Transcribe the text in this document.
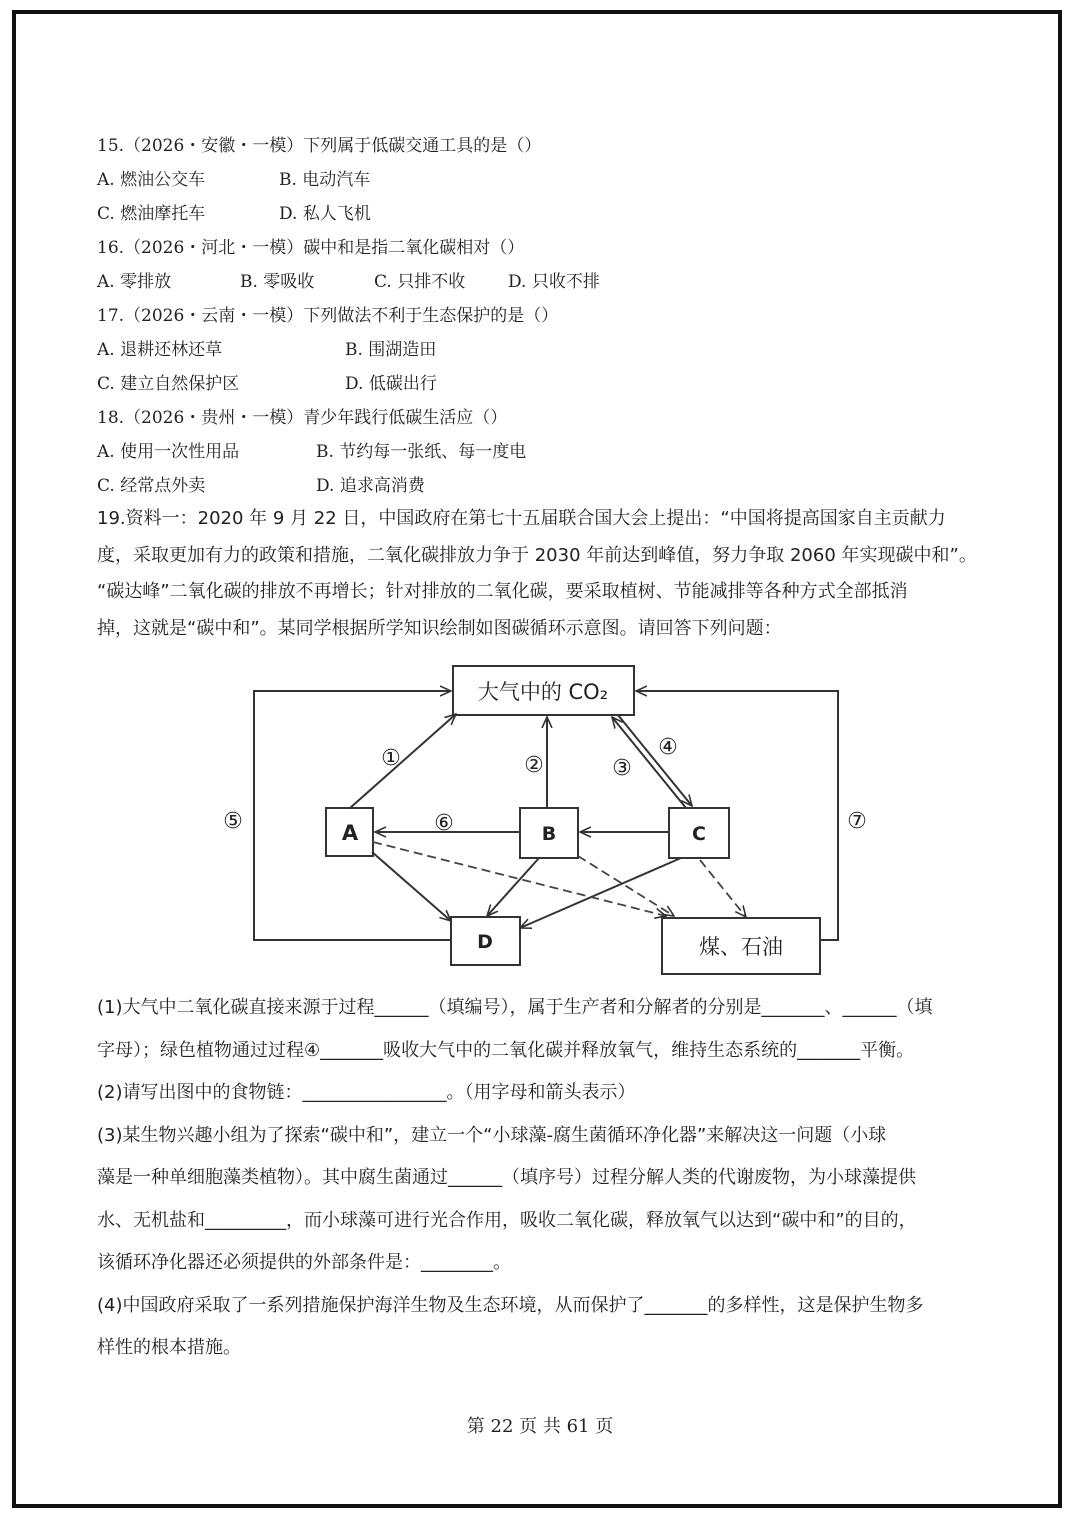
15.（2026・安徽・一模）下列属于低碳交通工具的是（）
A. 燃油公交车	B. 电动汽车
C. 燃油摩托车	D. 私人飞机
16.（2026・河北・一模）碳中和是指二氧化碳相对（）
A. 零排放	B. 零吸收	C. 只排不收	D. 只收不排
17.（2026・云南・一模）下列做法不利于生态保护的是（）
A. 退耕还林还草	B. 围湖造田
C. 建立自然保护区	D. 低碳出行
18.（2026・贵州・一模）青少年践行低碳生活应（）
A. 使用一次性用品	B. 节约每一张纸、每一度电
C. 经常点外卖	D. 追求高消费
19.资料一：2020 年 9 月 22 日，中国政府在第七十五届联合国大会上提出：“中国将提高国家自主贡献力
度，采取更加有力的政策和措施，二氧化碳排放力争于 2030 年前达到峰值，努力争取 2060 年实现碳中和”。
“碳达峰”二氧化碳的排放不再增长；针对排放的二氧化碳，要采取植树、节能减排等各种方式全部抵消
掉，这就是“碳中和”。某同学根据所学知识绘制如图碳循环示意图。请回答下列问题：
大气中的 CO₂
A	B	C
D	煤、石油
①	②	③
④
⑤	⑥	⑦
(1)大气中二氧化碳直接来源于过程______（填编号），属于生产者和分解者的分别是_______、______（填
字母）；绿色植物通过过程④_______吸收大气中的二氧化碳并释放氧气，维持生态系统的_______平衡。
(2)请写出图中的食物链：________________。（用字母和箭头表示）
(3)某生物兴趣小组为了探索“碳中和”，建立一个“小球藻-腐生菌循环净化器”来解决这一问题（小球
藻是一种单细胞藻类植物）。其中腐生菌通过______（填序号）过程分解人类的代谢废物，为小球藻提供
水、无机盐和_________，而小球藻可进行光合作用，吸收二氧化碳，释放氧气以达到“碳中和”的目的，
该循环净化器还必须提供的外部条件是：________。
(4)中国政府采取了一系列措施保护海洋生物及生态环境，从而保护了_______的多样性，这是保护生物多
样性的根本措施。
第 22 页 共 61 页
